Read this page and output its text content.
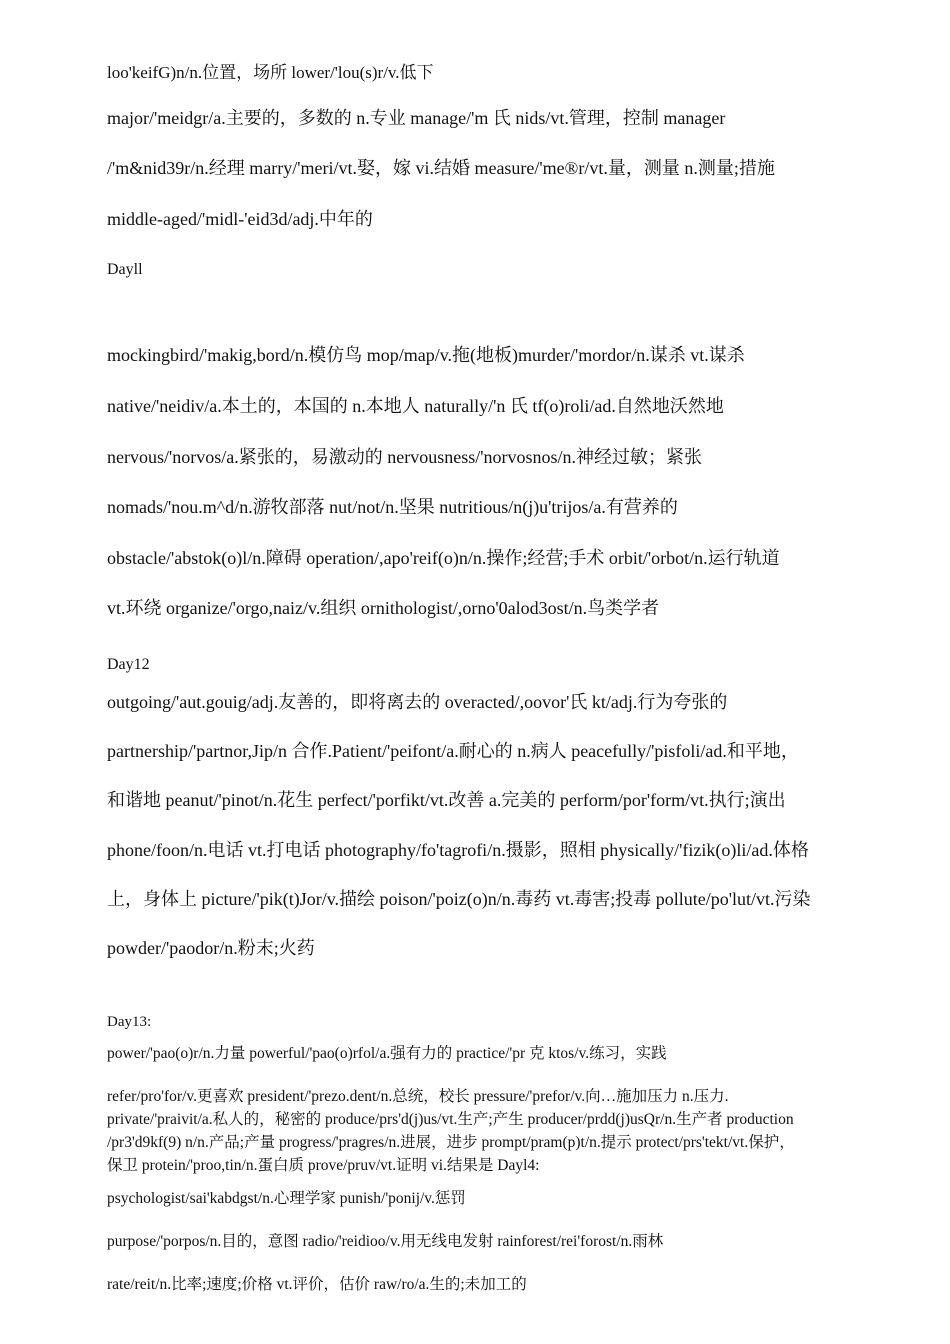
loo'keifG)n/n.位置，场所 lower/'lou(s)r/v.低下
major/'meidgr/a.主要的，多数的 n.专业 manage/'m 氏 nids/vt.管理，控制 manager
/'m&nid39r/n.经理 marry/'meri/vt.娶，嫁 vi.结婚 measure/'me®r/vt.量，测量 n.测量;措施
middle-aged/'midl-'eid3d/adj.中年的
Dayll
mockingbird/'makig,bord/n.模仿鸟 mop/map/v.拖(地板)murder/'mordor/n.谋杀 vt.谋杀
native/'neidiv/a.本土的，本国的 n.本地人 naturally/'n 氏 tf(o)roli/ad.自然地沃然地
nervous/'norvos/a.紧张的，易激动的 nervousness/'norvosnos/n.神经过敏；紧张
nomads/'nou.m^d/n.游牧部落 nut/not/n.坚果 nutritious/n(j)u'trijos/a.有营养的
obstacle/'abstok(o)l/n.障碍 operation/,apo'reif(o)n/n.操作;经营;手术 orbit/'orbot/n.运行轨道
vt.环绕 organize/'orgo,naiz/v.组织 ornithologist/,orno'0alod3ost/n.鸟类学者
Day12
outgoing/'aut.gouig/adj.友善的，即将离去的 overacted/,oovor'氏 kt/adj.行为夸张的
partnership/'partnor,Jip/n 合作.Patient/'peifont/a.耐心的 n.病人 peacefully/'pisfoli/ad.和平地，
和谐地 peanut/'pinot/n.花生 perfect/'porfikt/vt.改善 a.完美的 perform/por'form/vt.执行;演出
phone/foon/n.电话 vt.打电话 photography/fo'tagrofi/n.摄影，照相 physically/'fizik(o)li/ad.体格
上，身体上 picture/'pik(t)Jor/v.描绘 poison/'poiz(o)n/n.毒药 vt.毒害;投毒 pollute/po'lut/vt.污染
powder/'paodor/n.粉末;火药
Day13:
power/'pao(o)r/n.力量 powerful/'pao(o)rfol/a.强有力的 practice/'pr 克 ktos/v.练习，实践
refer/pro'for/v.更喜欢 president/'prezo.dent/n.总统，校长 pressure/'prefor/v.向…施加压力 n.压力.
private/'praivit/a.私人的，秘密的 produce/prs'd(j)us/vt.生产;产生 producer/prdd(j)usQr/n.生产者 production
/pr3'd9kf(9) n/n.产品;产量 progress/'pragres/n.进展，进步 prompt/pram(p)t/n.提示 protect/prs'tekt/vt.保护，
保卫 protein/'proo,tin/n.蛋白质 prove/pruv/vt.证明 vi.结果是 Dayl4:
psychologist/sai'kabdgst/n.心理学家 punish/'ponij/v.惩罚
purpose/'porpos/n.目的，意图 radio/'reidioo/v.用无线电发射 rainforest/rei'forost/n.雨林
rate/reit/n.比率;速度;价格 vt.评价，估价 raw/ro/a.生的;未加工的
